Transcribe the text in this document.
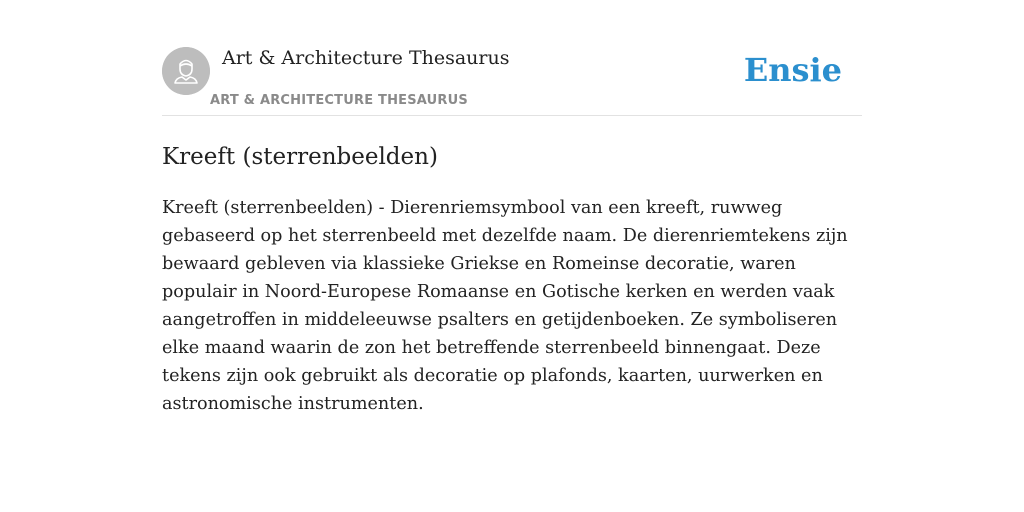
Art & Architecture Thesaurus
ART & ARCHITECTURE THESAURUS
Ensie
Kreeft (sterrenbeelden)

Kreeft (sterrenbeelden) - Dierenriemsymbool van een kreeft, ruwweg gebaseerd op het sterrenbeeld met dezelfde naam. De dierenriemtekens zijn bewaard gebleven via klassieke Griekse en Romeinse decoratie, waren populair in Noord-Europese Romaanse en Gotische kerken en werden vaak aangetroffen in middeleeuwse psalters en getijdenboeken. Ze symboliseren elke maand waarin de zon het betreffende sterrenbeeld binnengaat. Deze tekens zijn ook gebruikt als decoratie op plafonds, kaarten, uurwerken en astronomische instrumenten.
